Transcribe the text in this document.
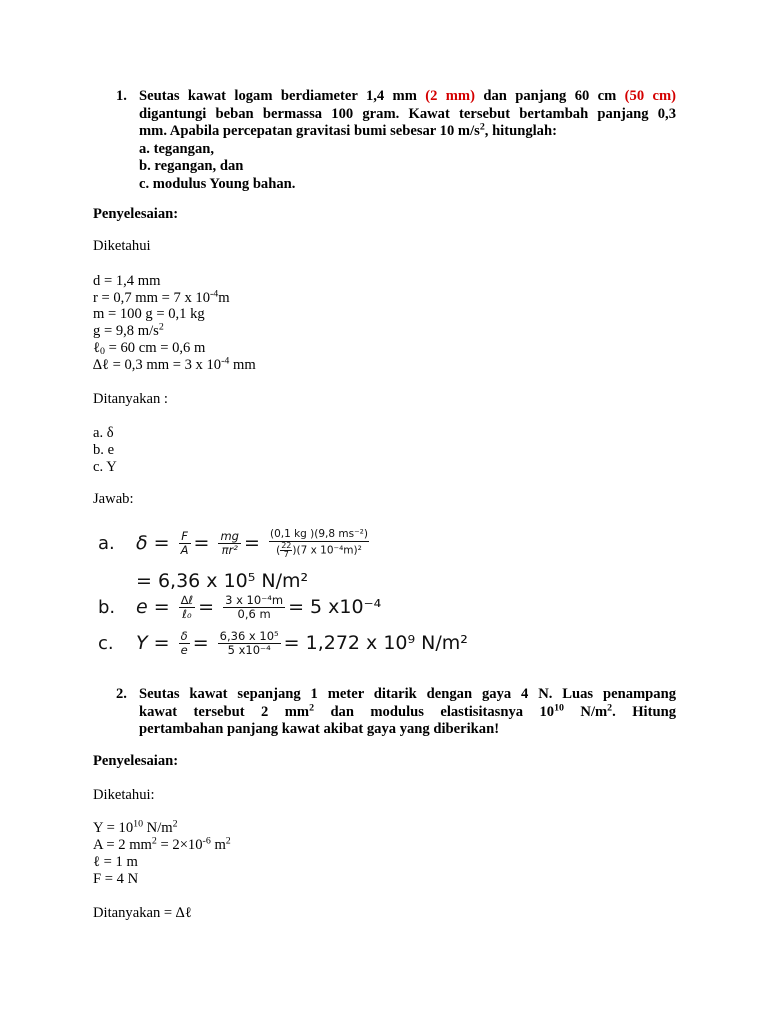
1. Seutas kawat logam berdiameter 1,4 mm (2 mm) dan panjang 60 cm (50 cm)
digantungi beban bermassa 100 gram. Kawat tersebut bertambah panjang 0,3
mm. Apabila percepatan gravitasi bumi sebesar 10 $m/s^2$, hitunglah:
a. tegangan,
b. regangan, dan
c. modulus Young bahan.
Penyelesaian:
Diketahui
d = 1,4 mm
r = 0,7 mm = 7 x $10^{-4}m$
m = 100 g = 0,1 kg
g = 9,8 $m/s^2$
ℓ$_0$ = 60 cm = 0,6 m
∆ℓ = 0,3 mm = 3 x $10^{-4}$ mm
Ditanyakan :
a. δ
b. e
c. Y
Jawab:
a. $\delta = \frac{F}{A} = \frac{mg}{\text{πr²}} = \frac{\text{(0,1 kg )(9,8 ms⁻²)}}{( \frac{22}{7} )(7 x 10^{-4}m)^2}$
= 6,36 x 10⁵ N/m²
b. $e = \frac{\text{∆ℓ}}{\text{ℓ₀}} = \frac{\text{3 x 10⁻⁴m}}{0,6 m} = 5$ x10⁻⁴
c. $Y = \frac{\delta}{e} = \frac{\text{6,36 x 10⁵}}{\text{5 x10⁻⁴}} = 1,272$ x 10⁹ N/m²
2. Seutas kawat sepanjang 1 meter ditarik dengan gaya 4 N. Luas penampang
kawat tersebut 2 $mm^2$ dan modulus elastisitasnya $10^{10}$ $N/m^2$. Hitung
pertambahan panjang kawat akibat gaya yang diberikan!
Penyelesaian:
Diketahui:
$Y = 10^{10}$ $N/m^2$
A = 2 $mm^2 = 2\times 10^{-6}$ $m^2$
ℓ = 1 m
F = 4 N
Ditanyakan = ∆ℓ
